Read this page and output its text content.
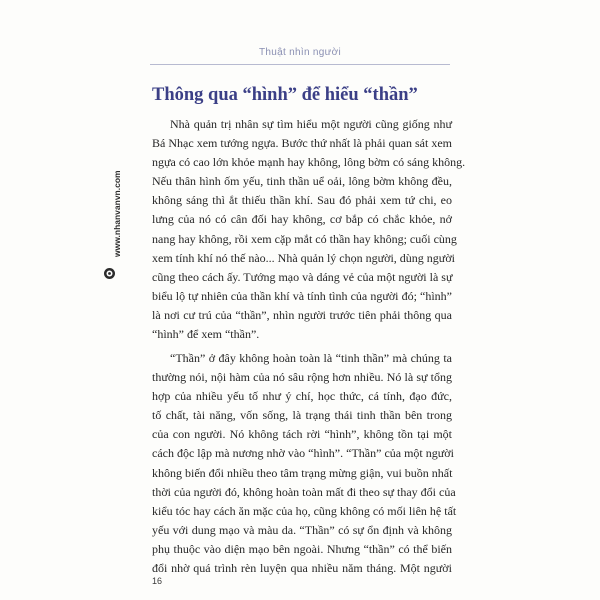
Thuật nhìn người
Thông qua “hình” để hiểu “thần”
Nhà quản trị nhân sự tìm hiểu một người cũng giống như
Bá Nhạc xem tướng ngựa. Bước thứ nhất là phải quan sát xem
ngựa có cao lớn khỏe mạnh hay không, lông bờm có sáng không.
Nếu thân hình ốm yếu, tinh thần uể oải, lông bờm không đều,
không sáng thì ắt thiếu thần khí. Sau đó phải xem tứ chi, eo
lưng của nó có cân đối hay không, cơ bắp có chắc khỏe, nở
nang hay không, rồi xem cặp mắt có thần hay không; cuối cùng
xem tính khí nó thế nào... Nhà quản lý chọn người, dùng người
cũng theo cách ấy. Tướng mạo và dáng vẻ của một người là sự
biểu lộ tự nhiên của thần khí và tính tình của người đó; “hình”
là nơi cư trú của “thần”, nhìn người trước tiên phải thông qua
“hình” để xem “thần”.
“Thần” ở đây không hoàn toàn là “tinh thần” mà chúng ta
thường nói, nội hàm của nó sâu rộng hơn nhiều. Nó là sự tổng
hợp của nhiều yếu tố như ý chí, học thức, cá tính, đạo đức,
tố chất, tài năng, vốn sống, là trạng thái tinh thần bên trong
của con người. Nó không tách rời “hình”, không tồn tại một
cách độc lập mà nương nhờ vào “hình”. “Thần” của một người
không biến đổi nhiều theo tâm trạng mừng giận, vui buồn nhất
thời của người đó, không hoàn toàn mất đi theo sự thay đổi của
kiểu tóc hay cách ăn mặc của họ, cũng không có mối liên hệ tất
yếu với dung mạo và màu da. “Thần” có sự ổn định và không
phụ thuộc vào diện mạo bên ngoài. Nhưng “thần” có thể biến
đổi nhờ quá trình rèn luyện qua nhiều năm tháng. Một người
www.nhanvanvn.com
16
